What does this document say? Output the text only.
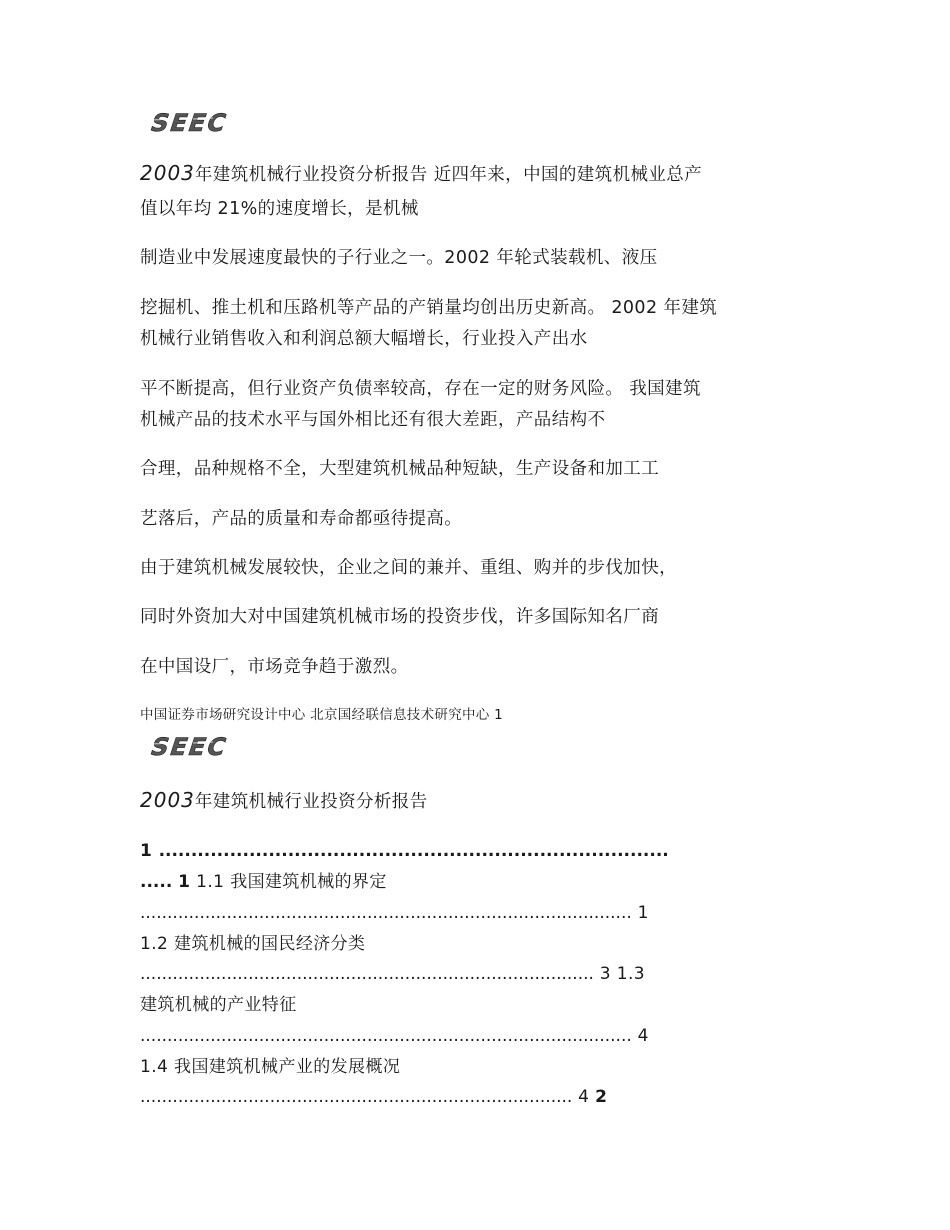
SEEC
2003年建筑机械行业投资分析报告 近四年来，中国的建筑机械业总产
值以年均 21%的速度增长，是机械
制造业中发展速度最快的子行业之一。2002 年轮式装载机、液压
挖掘机、推土机和压路机等产品的产销量均创出历史新高。 2002 年建筑
机械行业销售收入和利润总额大幅增长，行业投入产出水
平不断提高，但行业资产负债率较高，存在一定的财务风险。 我国建筑
机械产品的技术水平与国外相比还有很大差距，产品结构不
合理，品种规格不全，大型建筑机械品种短缺，生产设备和加工工
艺落后，产品的质量和寿命都亟待提高。
由于建筑机械发展较快，企业之间的兼并、重组、购并的步伐加快，
同时外资加大对中国建筑机械市场的投资步伐，许多国际知名厂商
在中国设厂，市场竞争趋于激烈。
中国证券市场研究设计中心 北京国经联信息技术研究中心 1
SEEC
2003年建筑机械行业投资分析报告
1 ...............................................................................
..... 1 1.1 我国建筑机械的界定
........................................................................................... 1
1.2 建筑机械的国民经济分类
.................................................................................... 3 1.3
建筑机械的产业特征
........................................................................................... 4
1.4 我国建筑机械产业的发展概况
................................................................................ 4 2
